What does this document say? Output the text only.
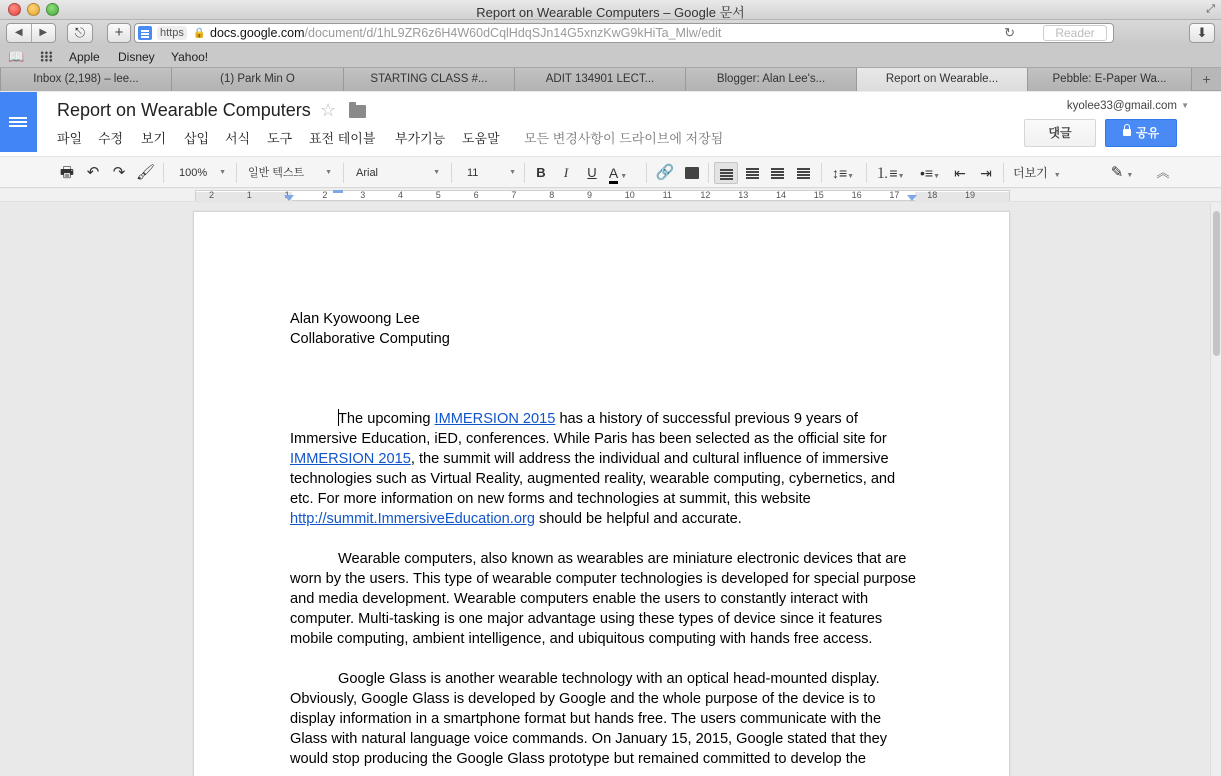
Report on Wearable Computers – Google 문서	⤢
◀	▶	⎋	+	https 🔒 docs.google.com/document/d/1hL9ZR6z6H4W60dCqlHdqSJn14G5xnzKwG9kHiTa_Mlw/edit	↻	Reader	⬇
📖	Apple Disney Yahoo!
Inbox (2,198) – lee...	(1) Park Min O	STARTING CLASS #...	ADIT 134901 LECT...	Blogger: Alan Lee's...	Report on Wearable...	Pebble: E-Paper Wa...	+
Report on Wearable Computers ☆
파일 수정 보기 삽입 서식 도구 표전 테이블 부가기능 도움말 모든 변경사항이 드라이브에 저장됨
kyolee33@gmail.com ▼
댓글	공유
🖶 ↶ ↷ 🖌	100% ▼	일반 텍스트	▼	Arial	▼	11	▼	B	I	U A ▼ 🔗	↕≡▼	⒈≡▼	•≡▼	⇤	⇥	더보기 ▼	✎ ▼	︽
2	1	1	2	3	4	5	6	7	8	9	10	11	12	13	14	15	16	17	18	19

Alan Kyowoong Lee

Collaborative Computing

The upcoming IMMERSION 2015 has a history of successful previous 9 years of Immersive Education, iED, conferences. While Paris has been selected as the official site for IMMERSION 2015, the summit will address the individual and cultural influence of immersive technologies such as Virtual Reality, augmented reality, wearable computing, cybernetics, and etc. For more information on new forms and technologies at summit, this website http://summit.ImmersiveEducation.org should be helpful and accurate.

Wearable computers, also known as wearables are miniature electronic devices that are worn by the users. This type of wearable computer technologies is developed for special purpose and media development. Wearable computers enable the users to constantly interact with computer. Multi-tasking is one major advantage using these types of device since it features mobile computing, ambient intelligence, and ubiquitous computing with hands free access.

Google Glass is another wearable technology with an optical head-mounted display. Obviously, Google Glass is developed by Google and the whole purpose of the device is to display information in a smartphone format but hands free. The users communicate with the Glass with natural language voice commands. On January 15, 2015, Google stated that they would stop producing the Google Glass prototype but remained committed to develop the
